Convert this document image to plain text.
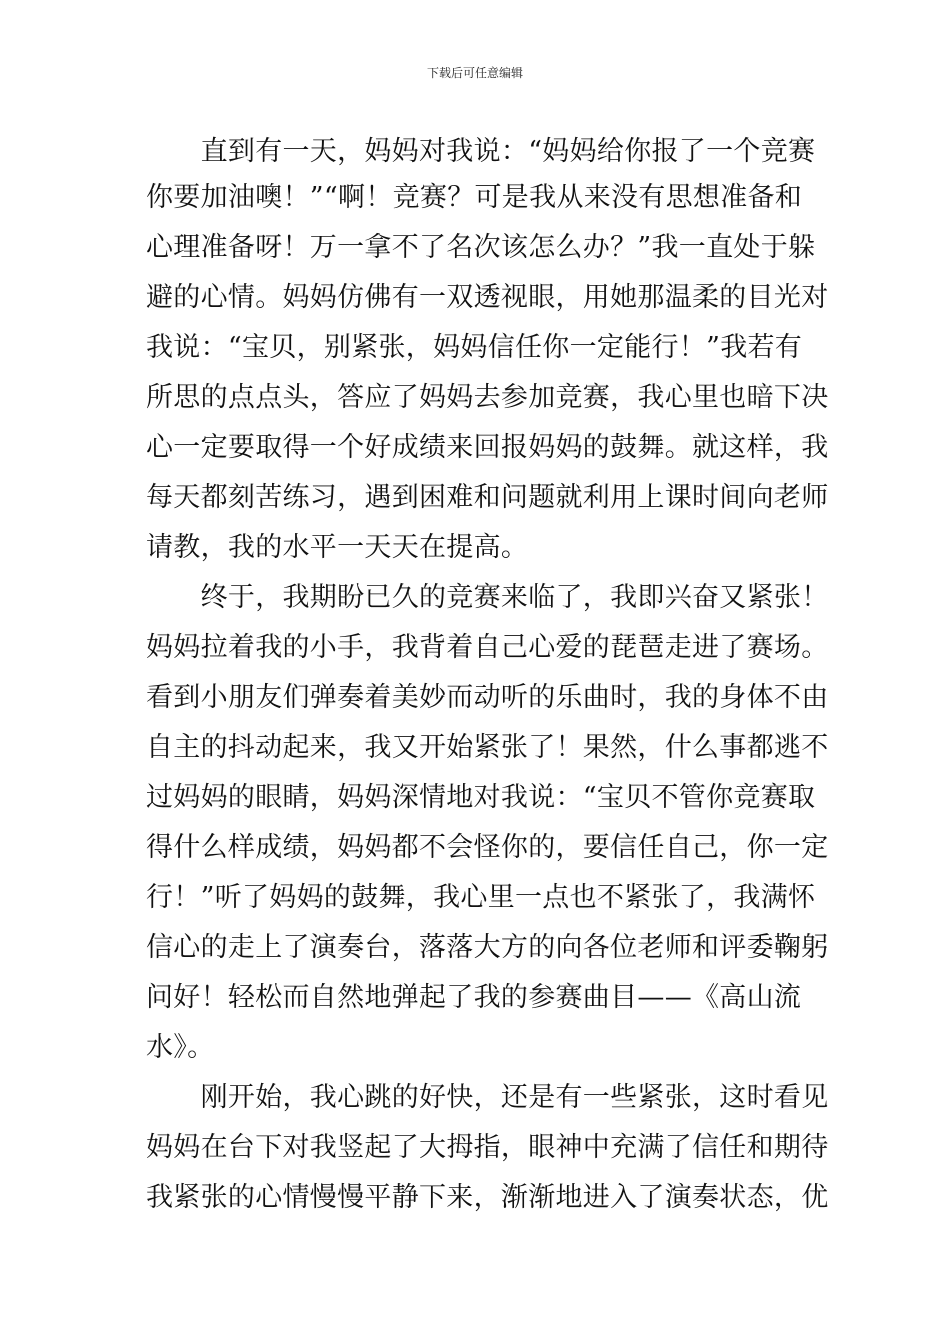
下载后可任意编辑
　　直到有一天，妈妈对我说：“妈妈给你报了一个竞赛
你要加油噢！”“啊！竞赛？可是我从来没有思想准备和
心理准备呀！万一拿不了名次该怎么办？”我一直处于躲
避的心情。妈妈仿佛有一双透视眼，用她那温柔的目光对
我说：“宝贝，别紧张，妈妈信任你一定能行！”我若有
所思的点点头，答应了妈妈去参加竞赛，我心里也暗下决
心一定要取得一个好成绩来回报妈妈的鼓舞。就这样，我
每天都刻苦练习，遇到困难和问题就利用上课时间向老师
请教，我的水平一天天在提高。
　　终于，我期盼已久的竞赛来临了，我即兴奋又紧张！
妈妈拉着我的小手，我背着自己心爱的琵琶走进了赛场。
看到小朋友们弹奏着美妙而动听的乐曲时，我的身体不由
自主的抖动起来，我又开始紧张了！果然，什么事都逃不
过妈妈的眼睛，妈妈深情地对我说：“宝贝不管你竞赛取
得什么样成绩，妈妈都不会怪你的，要信任自己，你一定
行！”听了妈妈的鼓舞，我心里一点也不紧张了，我满怀
信心的走上了演奏台，落落大方的向各位老师和评委鞠躬
问好！轻松而自然地弹起了我的参赛曲目——《高山流
水》。
　　刚开始，我心跳的好快，还是有一些紧张，这时看见
妈妈在台下对我竖起了大拇指，眼神中充满了信任和期待
我紧张的心情慢慢平静下来，渐渐地进入了演奏状态，优
